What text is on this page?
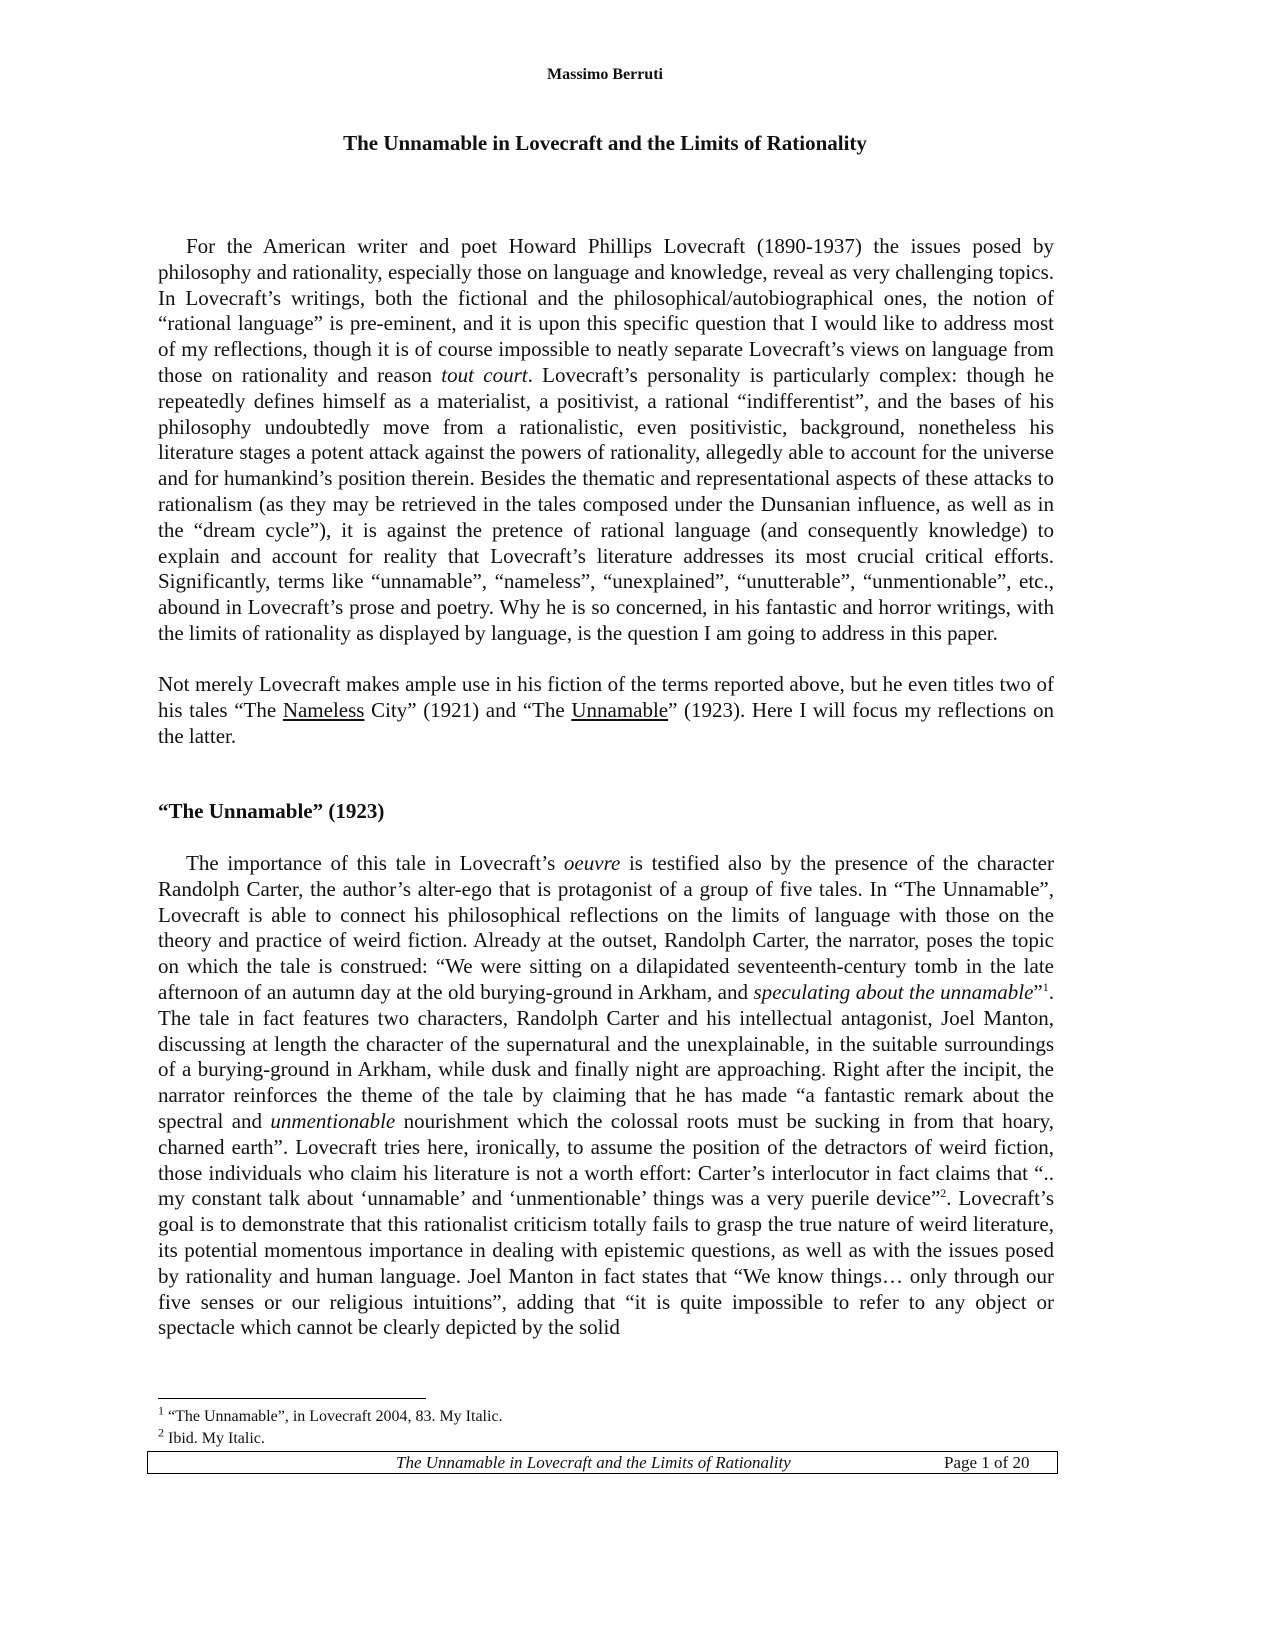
Massimo Berruti
The Unnamable in Lovecraft and the Limits of Rationality

For the American writer and poet Howard Phillips Lovecraft (1890-1937) the issues posed by philosophy and rationality, especially those on language and knowledge, reveal as very challenging topics. In Lovecraft’s writings, both the fictional and the philosophical/autobiographical ones, the notion of “rational language” is pre-eminent, and it is upon this specific question that I would like to address most of my reflections, though it is of course impossible to neatly separate Lovecraft’s views on language from those on rationality and reason tout court. Lovecraft’s personality is particularly complex: though he repeatedly defines himself as a materialist, a positivist, a rational “indifferentist”, and the bases of his philosophy undoubtedly move from a rationalistic, even positivistic, background, nonetheless his literature stages a potent attack against the powers of rationality, allegedly able to account for the universe and for humankind’s position therein. Besides the thematic and representational aspects of these attacks to rationalism (as they may be retrieved in the tales composed under the Dunsanian influence, as well as in the “dream cycle”), it is against the pretence of rational language (and consequently knowledge) to explain and account for reality that Lovecraft’s literature addresses its most crucial critical efforts. Significantly, terms like “unnamable”, “nameless”, “unexplained”, “unutterable”, “unmentionable”, etc., abound in Lovecraft’s prose and poetry. Why he is so concerned, in his fantastic and horror writings, with the limits of rationality as displayed by language, is the question I am going to address in this paper.

Not merely Lovecraft makes ample use in his fiction of the terms reported above, but he even titles two of his tales “The Nameless City” (1921) and “The Unnamable” (1923). Here I will focus my reflections on the latter.

“The Unnamable” (1923)

The importance of this tale in Lovecraft’s oeuvre is testified also by the presence of the character Randolph Carter, the author’s alter-ego that is protagonist of a group of five tales. In “The Unnamable”, Lovecraft is able to connect his philosophical reflections on the limits of language with those on the theory and practice of weird fiction. Already at the outset, Randolph Carter, the narrator, poses the topic on which the tale is construed: “We were sitting on a dilapidated seventeenth-century tomb in the late afternoon of an autumn day at the old burying-ground in Arkham, and speculating about the unnamable”$^1$. The tale in fact features two characters, Randolph Carter and his intellectual antagonist, Joel Manton, discussing at length the character of the supernatural and the unexplainable, in the suitable surroundings of a burying-ground in Arkham, while dusk and finally night are approaching. Right after the incipit, the narrator reinforces the theme of the tale by claiming that he has made “a fantastic remark about the spectral and unmentionable nourishment which the colossal roots must be sucking in from that hoary, charned earth”. Lovecraft tries here, ironically, to assume the position of the detractors of weird fiction, those individuals who claim his literature is not a worth effort: Carter’s interlocutor in fact claims that “.. my constant talk about ‘unnamable’ and ‘unmentionable’ things was a very puerile device”$^2$. Lovecraft’s goal is to demonstrate that this rationalist criticism totally fails to grasp the true nature of weird literature, its potential momentous importance in dealing with epistemic questions, as well as with the issues posed by rationality and human language. Joel Manton in fact states that “We know things… only through our five senses or our religious intuitions”, adding that “it is quite impossible to refer to any object or spectacle which cannot be clearly depicted by the solid

$^1$ “The Unnamable”, in Lovecraft 2004, 83. My Italic.
$^2$ Ibid. My Italic.
The Unnamable in Lovecraft and the Limits of Rationality	Page 1 of 20
